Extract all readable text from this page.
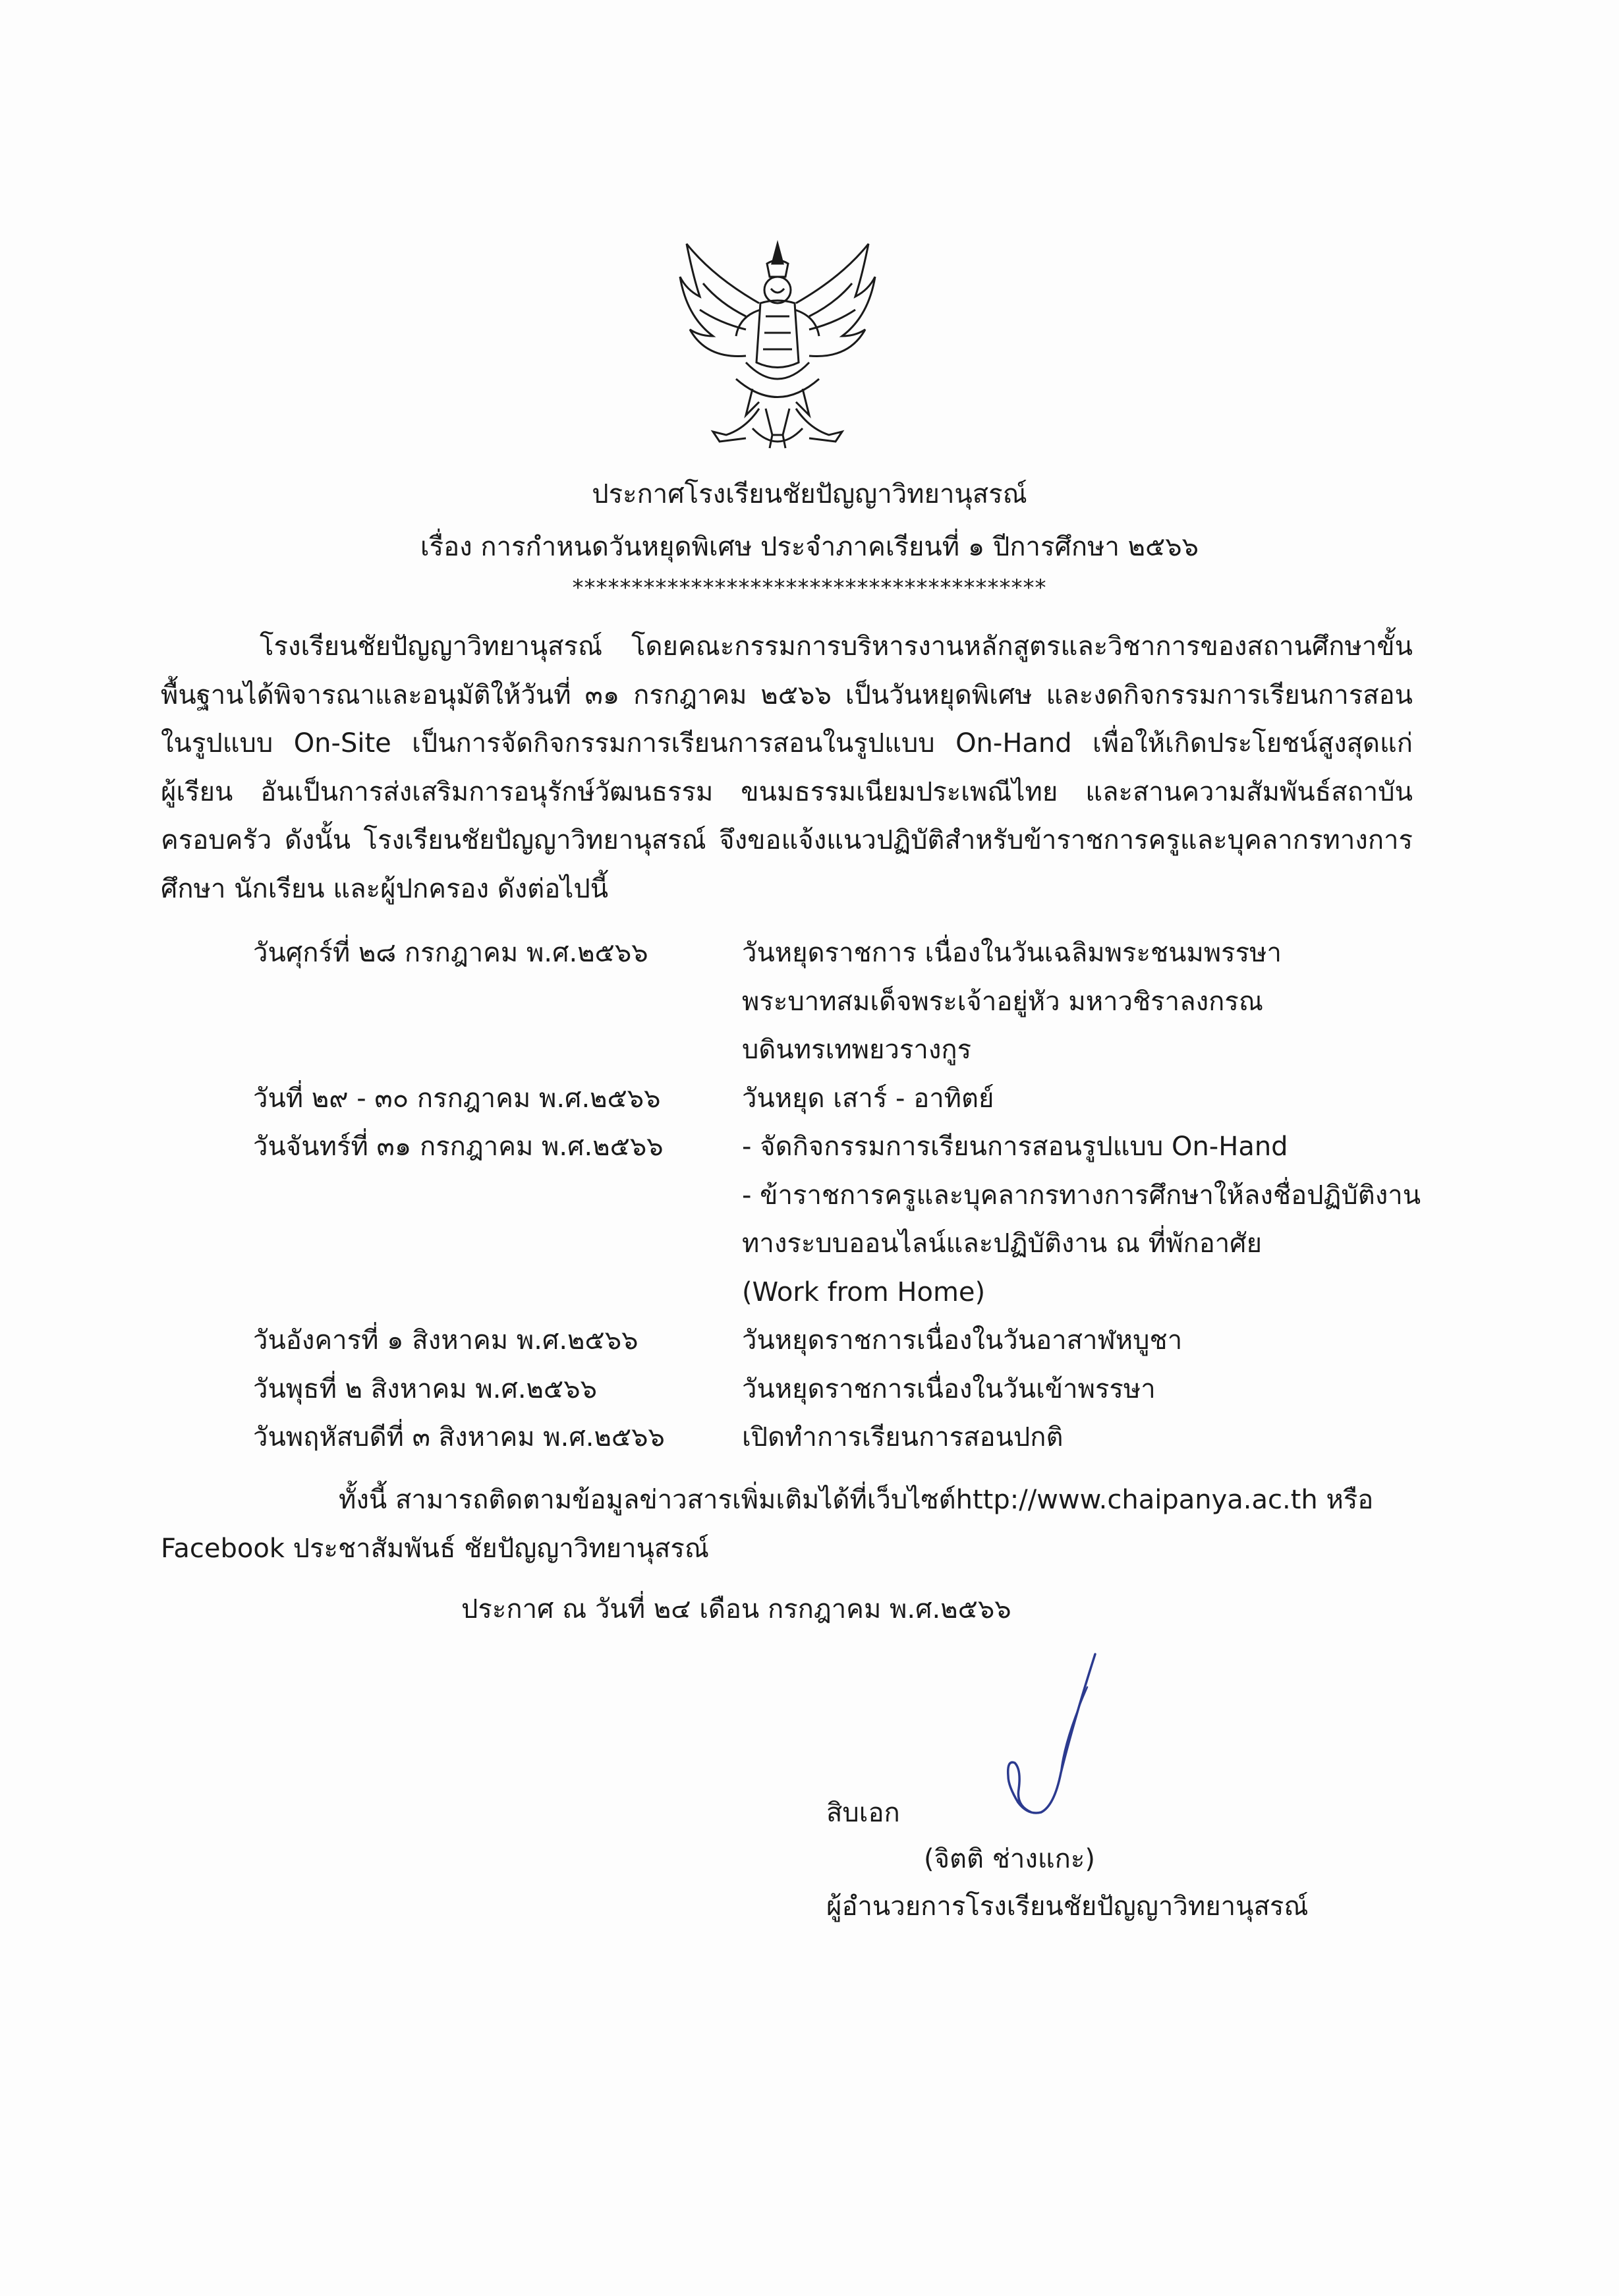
ประกาศโรงเรียนชัยปัญญาวิทยานุสรณ์
เรื่อง การกำหนดวันหยุดพิเศษ ประจำภาคเรียนที่ ๑ ปีการศึกษา ๒๕๖๖
****************************************
โรงเรียนชัยปัญญาวิทยานุสรณ์ โดยคณะกรรมการบริหารงานหลักสูตรและวิชาการของสถานศึกษาขั้น
พื้นฐานได้พิจารณาและอนุมัติให้วันที่ ๓๑ กรกฎาคม ๒๕๖๖ เป็นวันหยุดพิเศษ และงดกิจกรรมการเรียนการสอน
ในรูปแบบ On-Site เป็นการจัดกิจกรรมการเรียนการสอนในรูปแบบ On-Hand เพื่อให้เกิดประโยชน์สูงสุดแก่
ผู้เรียน อันเป็นการส่งเสริมการอนุรักษ์วัฒนธรรม ขนมธรรมเนียมประเพณีไทย และสานความสัมพันธ์สถาบัน
ครอบครัว ดังนั้น โรงเรียนชัยปัญญาวิทยานุสรณ์ จึงขอแจ้งแนวปฏิบัติสำหรับข้าราชการครูและบุคลากรทางการ
ศึกษา นักเรียน และผู้ปกครอง ดังต่อไปนี้
วันศุกร์ที่ ๒๘ กรกฎาคม พ.ศ.๒๕๖๖	วันหยุดราชการ เนื่องในวันเฉลิมพระชนมพรรษา
พระบาทสมเด็จพระเจ้าอยู่หัว มหาวชิราลงกรณ
บดินทรเทพยวรางกูร
วันที่ ๒๙ - ๓๐ กรกฎาคม พ.ศ.๒๕๖๖	วันหยุด เสาร์ - อาทิตย์
วันจันทร์ที่ ๓๑ กรกฎาคม พ.ศ.๒๕๖๖	- จัดกิจกรรมการเรียนการสอนรูปแบบ On-Hand
- ข้าราชการครูและบุคลากรทางการศึกษาให้ลงชื่อปฏิบัติงาน
ทางระบบออนไลน์และปฏิบัติงาน ณ ที่พักอาศัย
(Work from Home)
วันอังคารที่ ๑ สิงหาคม พ.ศ.๒๕๖๖	วันหยุดราชการเนื่องในวันอาสาฬหบูชา
วันพุธที่ ๒ สิงหาคม พ.ศ.๒๕๖๖	วันหยุดราชการเนื่องในวันเข้าพรรษา
วันพฤหัสบดีที่ ๓ สิงหาคม พ.ศ.๒๕๖๖	เปิดทำการเรียนการสอนปกติ
ทั้งนี้ สามารถติดตามข้อมูลข่าวสารเพิ่มเติมได้ที่เว็บไซต์http://www.chaipanya.ac.th หรือ
Facebook ประชาสัมพันธ์ ชัยปัญญาวิทยานุสรณ์
ประกาศ ณ วันที่ ๒๔ เดือน กรกฎาคม พ.ศ.๒๕๖๖
สิบเอก
(จิตติ ช่างแกะ)
ผู้อำนวยการโรงเรียนชัยปัญญาวิทยานุสรณ์
